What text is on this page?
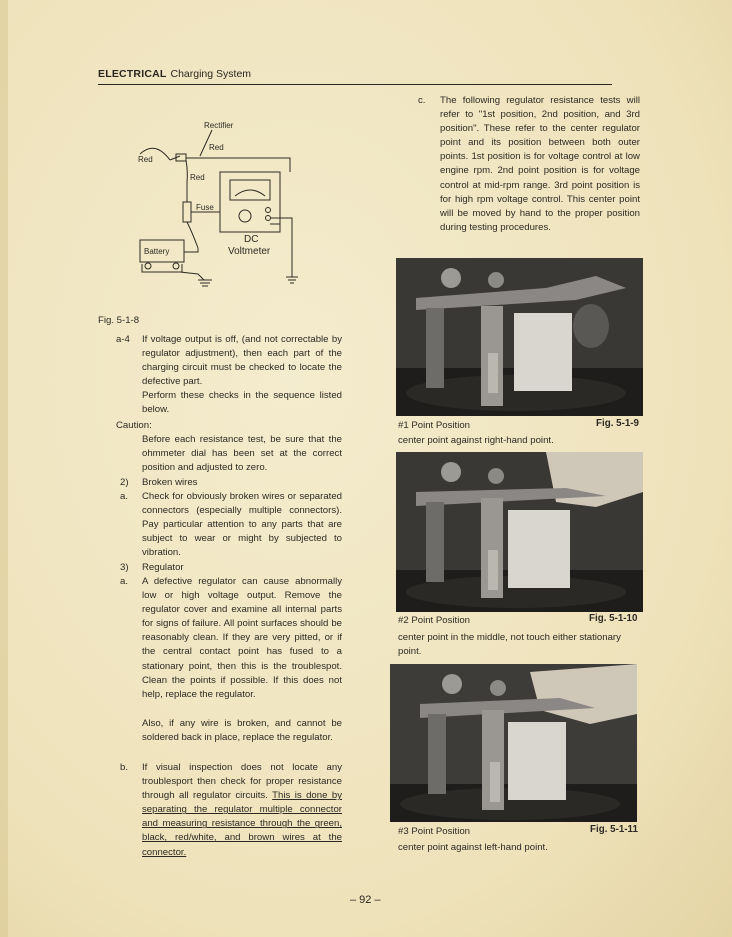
ELECTRICAL Charging System
Rectifier
Red
Red
Red
Fuse
Battery
DC
Voltmeter
Fig. 5-1-8
a-4 If voltage output is off, (and not correctable by regulator adjustment), then each part of the charging circuit must be checked to locate the defective part.
Perform these checks in the sequence listed below.
Caution:
Before each resistance test, be sure that the ohmmeter dial has been set at the correct position and adjusted to zero.
2) Broken wires
a. Check for obviously broken wires or separated connectors (especially multiple connectors). Pay particular attention to any parts that are subject to wear or might by subjected to vibration.
3) Regulator
a. A defective regulator can cause abnormally low or high voltage output. Remove the regulator cover and examine all internal parts for signs of failure. All point surfaces should be reasonably clean. If they are very pitted, or if the central contact point has fused to a stationary point, then this is the troublespot. Clean the points if possible. If this does not help, replace the regulator.
Also, if any wire is broken, and cannot be soldered back in place, replace the regulator.
b. If visual inspection does not locate any troublesport then check for proper resistance through all regulator circuits. This is done by separating the regulator multiple connector and measuring resistance through the green, black, red/white, and brown wires at the connector.
c. The following regulator resistance tests will refer to "1st position, 2nd position, and 3rd position". These refer to the center regulator point and its position between both outer points. 1st position is for voltage control at low engine rpm. 2nd point position is for voltage control at mid-rpm range. 3rd point position is for high rpm voltage control. This center point will be moved by hand to the proper position during testing procedures.
#1 Point Position	Fig. 5-1-9
center point against right-hand point.
#2 Point Position	Fig. 5-1-10
center point in the middle, not touch either stationary point.
#3 Point Position	Fig. 5-1-11
center point against left-hand point.
– 92 –
